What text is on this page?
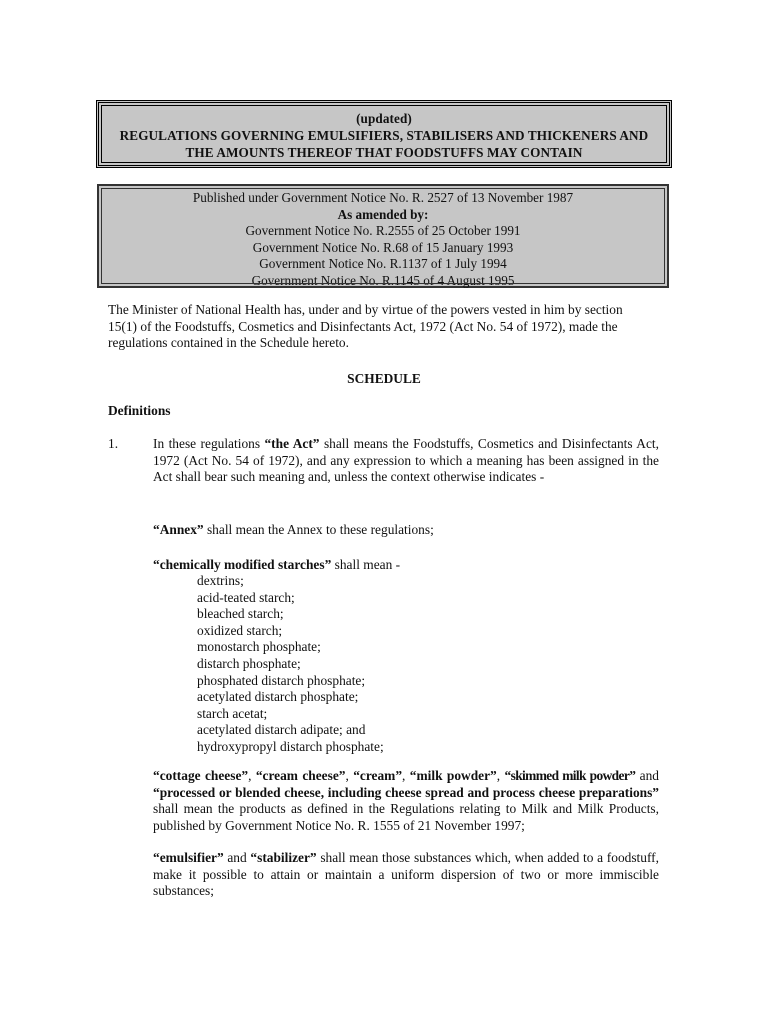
(updated)
REGULATIONS GOVERNING EMULSIFIERS, STABILISERS AND THICKENERS AND
THE AMOUNTS THEREOF THAT FOODSTUFFS MAY CONTAIN
Published under Government Notice No. R. 2527 of 13 November 1987
As amended by:
Government Notice No. R.2555 of 25 October 1991
Government Notice No. R.68 of 15 January 1993
Government Notice No. R.1137 of 1 July 1994
Government Notice No. R.1145 of 4 August 1995
The Minister of National Health has, under and by virtue of the powers vested in him by section
15(1) of the Foodstuffs, Cosmetics and Disinfectants Act, 1972 (Act No. 54 of 1972), made the
regulations contained in the Schedule hereto.
SCHEDULE
Definitions
1.	In these regulations “the Act” shall means the Foodstuffs, Cosmetics and Disinfectants Act, 1972 (Act No. 54 of 1972), and any expression to which a meaning has been assigned in the Act shall bear such meaning and, unless the context otherwise indicates -
“Annex” shall mean the Annex to these regulations;
“chemically modified starches” shall mean -
dextrins;
acid-teated starch;
bleached starch;
oxidized starch;
monostarch phosphate;
distarch phosphate;
phosphated distarch phosphate;
acetylated distarch phosphate;
starch acetat;
acetylated distarch adipate; and
hydroxypropyl distarch phosphate;
“cottage cheese”, “cream cheese”, “cream”, “milk powder”, “skimmed milk powder” and “processed or blended cheese, including cheese spread and process cheese preparations” shall mean the products as defined in the Regulations relating to Milk and Milk Products, published by Government Notice No. R. 1555 of 21 November 1997;
“emulsifier” and “stabilizer” shall mean those substances which, when added to a foodstuff, make it possible to attain or maintain a uniform dispersion of two or more immiscible substances;
